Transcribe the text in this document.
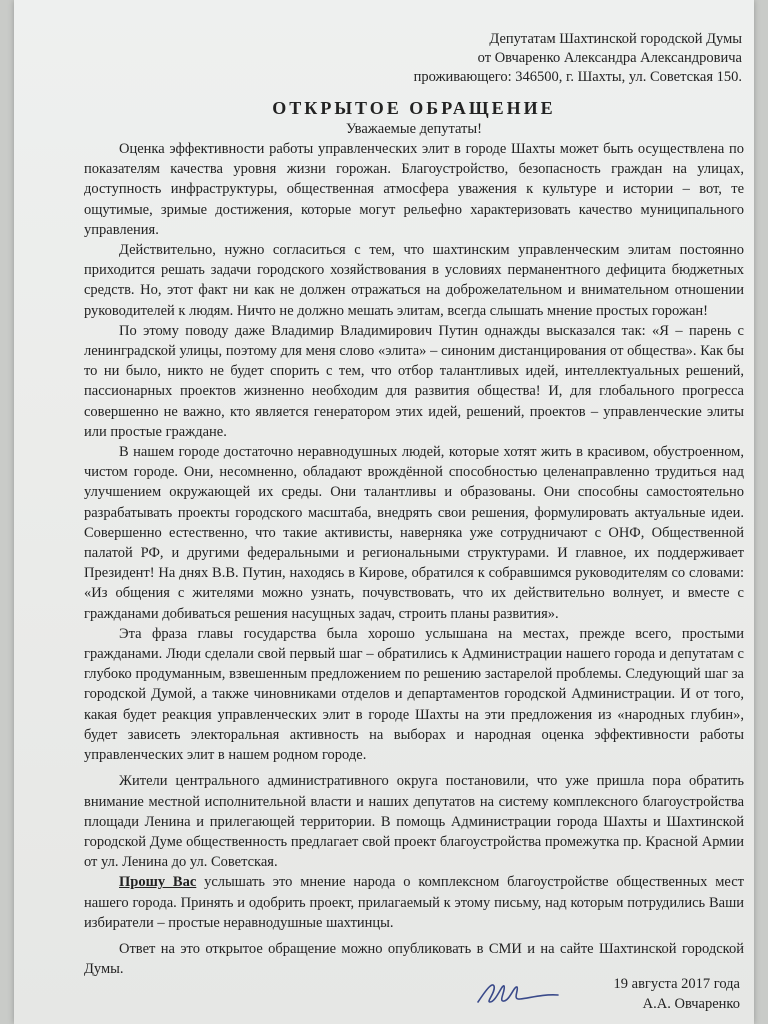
Депутатам Шахтинской городской Думы
от Овчаренко Александра Александровича
проживающего: 346500, г. Шахты, ул. Советская 150.
ОТКРЫТОЕ ОБРАЩЕНИЕ
Уважаемые депутаты!

Оценка эффективности работы управленческих элит в городе Шахты может быть осуществлена по показателям качества уровня жизни горожан. Благоустройство, безопасность граждан на улицах, доступность инфраструктуры, общественная атмосфера уважения к культуре и истории – вот, те ощутимые, зримые достижения, которые могут рельефно характеризовать качество муниципального управления.

Действительно, нужно согласиться с тем, что шахтинским управленческим элитам постоянно приходится решать задачи городского хозяйствования в условиях перманентного дефицита бюджетных средств. Но, этот факт ни как не должен отражаться на доброжелательном и внимательном отношении руководителей к людям. Ничто не должно мешать элитам, всегда слышать мнение простых горожан!

По этому поводу даже Владимир Владимирович Путин однажды высказался так: «Я – парень с ленинградской улицы, поэтому для меня слово «элита» – синоним дистанцирования от общества». Как бы то ни было, никто не будет спорить с тем, что отбор талантливых идей, интеллектуальных решений, пассионарных проектов жизненно необходим для развития общества! И, для глобального прогресса совершенно не важно, кто является генератором этих идей, решений, проектов – управленческие элиты или простые граждане.

В нашем городе достаточно неравнодушных людей, которые хотят жить в красивом, обустроенном, чистом городе. Они, несомненно, обладают врождённой способностью целенаправленно трудиться над улучшением окружающей их среды. Они талантливы и образованы. Они способны самостоятельно разрабатывать проекты городского масштаба, внедрять свои решения, формулировать актуальные идеи. Совершенно естественно, что такие активисты, наверняка уже сотрудничают с ОНФ, Общественной палатой РФ, и другими федеральными и региональными структурами. И главное, их поддерживает Президент! На днях В.В. Путин, находясь в Кирове, обратился к собравшимся руководителям со словами: «Из общения с жителями можно узнать, почувствовать, что их действительно волнует, и вместе с гражданами добиваться решения насущных задач, строить планы развития».

Эта фраза главы государства была хорошо услышана на местах, прежде всего, простыми гражданами. Люди сделали свой первый шаг – обратились к Администрации нашего города и депутатам с глубоко продуманным, взвешенным предложением по решению застарелой проблемы. Следующий шаг за городской Думой, а также чиновниками отделов и департаментов городской Администрации. И от того, какая будет реакция управленческих элит в городе Шахты на эти предложения из «народных глубин», будет зависеть электоральная активность на выборах и народная оценка эффективности работы управленческих элит в нашем родном городе.

Жители центрального административного округа постановили, что уже пришла пора обратить внимание местной исполнительной власти и наших депутатов на систему комплексного благоустройства площади Ленина и прилегающей территории. В помощь Администрации города Шахты и Шахтинской городской Думе общественность предлагает свой проект благоустройства промежутка пр. Красной Армии от ул. Ленина до ул. Советская.

Прошу Вас услышать это мнение народа о комплексном благоустройстве общественных мест нашего города. Принять и одобрить проект, прилагаемый к этому письму, над которым потрудились Ваши избиратели – простые неравнодушные шахтинцы.

Ответ на это открытое обращение можно опубликовать в СМИ и на сайте Шахтинской городской Думы.

19 августа 2017 года
А.А. Овчаренко
